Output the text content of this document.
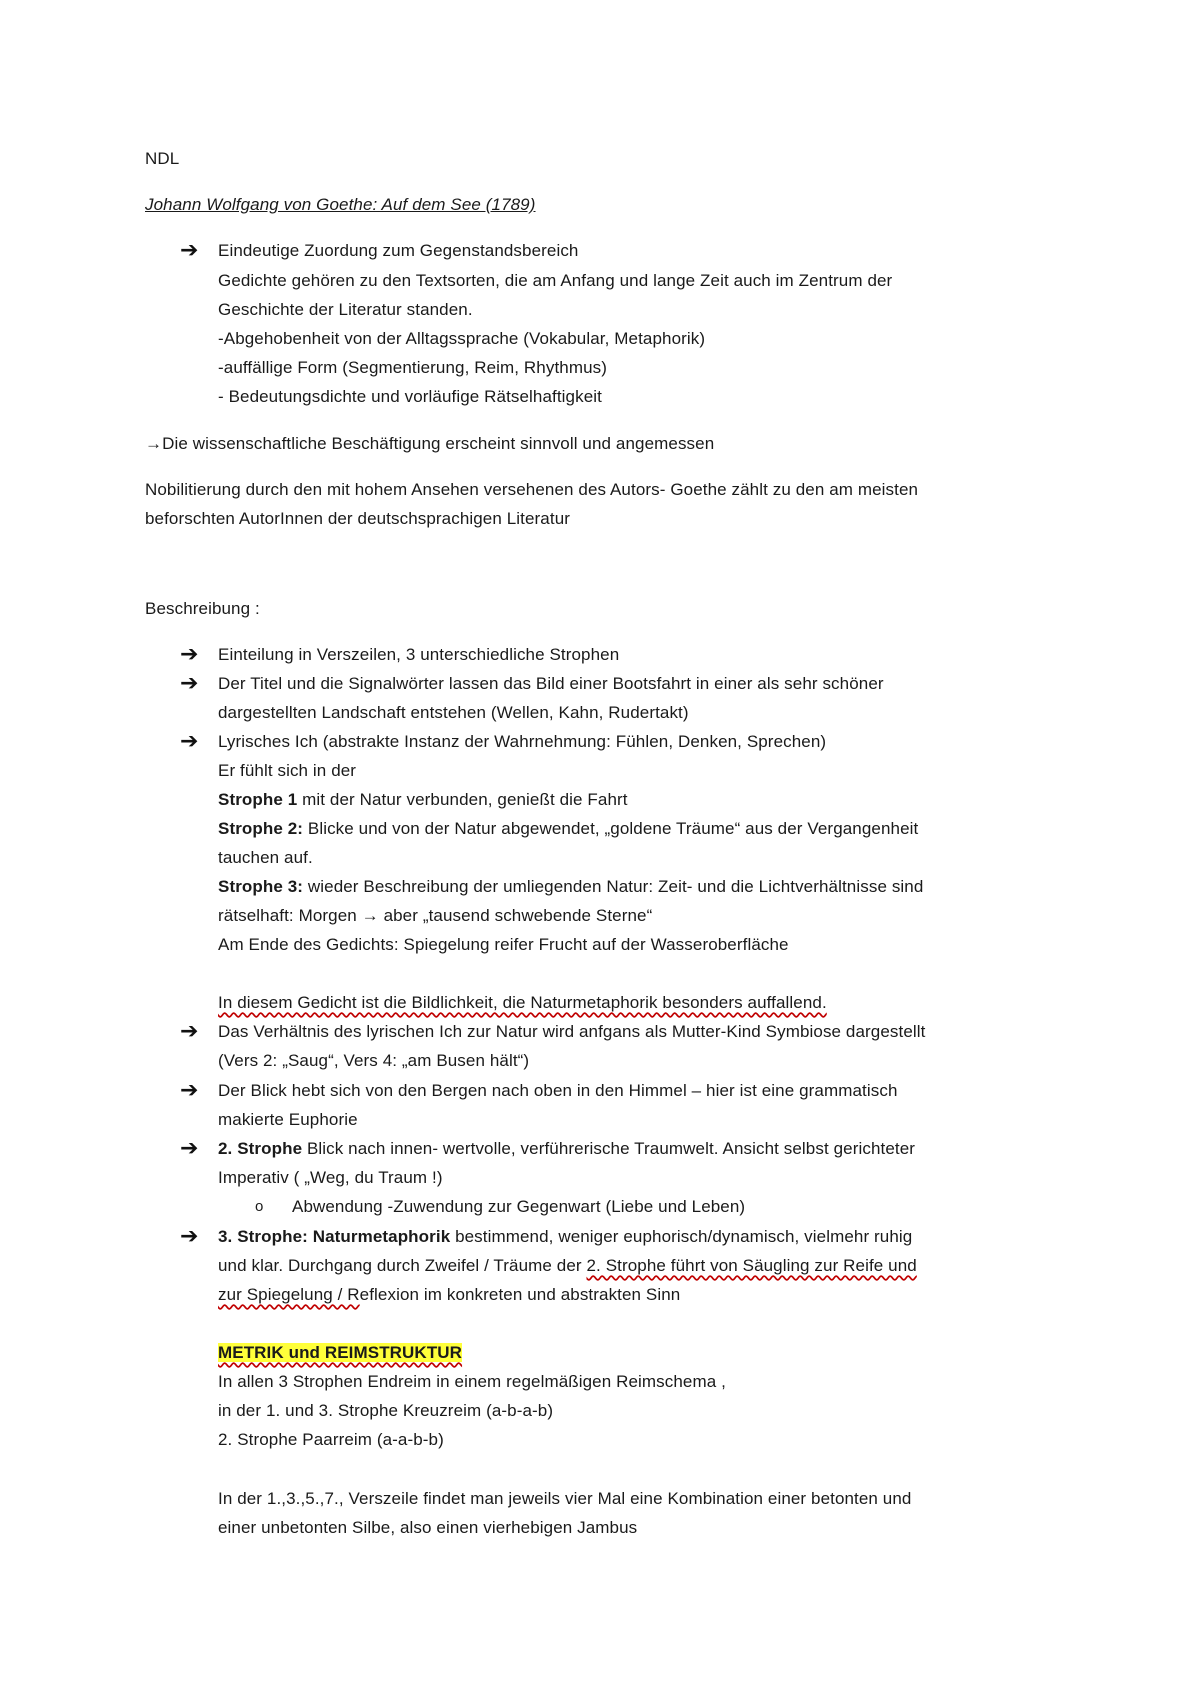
NDL
Johann Wolfgang von Goethe: Auf dem See (1789)
➔ Eindeutige Zuordung zum Gegenstandsbereich
Gedichte gehören zu den Textsorten, die am Anfang und lange Zeit auch im Zentrum der
Geschichte der Literatur standen.
-Abgehobenheit von der Alltagssprache (Vokabular, Metaphorik)
-auffällige Form (Segmentierung, Reim, Rhythmus)
- Bedeutungsdichte und vorläufige Rätselhaftigkeit
→Die wissenschaftliche Beschäftigung erscheint sinnvoll und angemessen
Nobilitierung durch den mit hohem Ansehen versehenen des Autors- Goethe zählt zu den am meisten
beforschten AutorInnen der deutschsprachigen Literatur
Beschreibung :
➔ Einteilung in Verszeilen, 3 unterschiedliche Strophen
➔ Der Titel und die Signalwörter lassen das Bild einer Bootsfahrt in einer als sehr schöner
dargestellten Landschaft entstehen (Wellen, Kahn, Rudertakt)
➔ Lyrisches Ich (abstrakte Instanz der Wahrnehmung: Fühlen, Denken, Sprechen)
Er fühlt sich in der
Strophe 1 mit der Natur verbunden, genießt die Fahrt
Strophe 2: Blicke und von der Natur abgewendet, „goldene Träume“ aus der Vergangenheit
tauchen auf.
Strophe 3: wieder Beschreibung der umliegenden Natur: Zeit- und die Lichtverhältnisse sind
rätselhaft: Morgen → aber „tausend schwebende Sterne“
Am Ende des Gedichts: Spiegelung reifer Frucht auf der Wasseroberfläche
In diesem Gedicht ist die Bildlichkeit, die Naturmetaphorik besonders auffallend.
➔ Das Verhältnis des lyrischen Ich zur Natur wird anfgans als Mutter-Kind Symbiose dargestellt
(Vers 2: „Saug“, Vers 4: „am Busen hält“)
➔ Der Blick hebt sich von den Bergen nach oben in den Himmel – hier ist eine grammatisch
makierte Euphorie
➔ 2. Strophe Blick nach innen- wertvolle, verführerische Traumwelt. Ansicht selbst gerichteter
Imperativ ( „Weg, du Traum !)
o Abwendung -Zuwendung zur Gegenwart (Liebe und Leben)
➔ 3. Strophe: Naturmetaphorik bestimmend, weniger euphorisch/dynamisch, vielmehr ruhig
und klar. Durchgang durch Zweifel / Träume der 2. Strophe führt von Säugling zur Reife und
zur Spiegelung / Reflexion im konkreten und abstrakten Sinn
METRIK und REIMSTRUKTUR
In allen 3 Strophen Endreim in einem regelmäßigen Reimschema ,
in der 1. und 3. Strophe Kreuzreim (a-b-a-b)
2. Strophe Paarreim (a-a-b-b)
In der 1.,3.,5.,7., Verszeile findet man jeweils vier Mal eine Kombination einer betonten und
einer unbetonten Silbe, also einen vierhebigen Jambus
